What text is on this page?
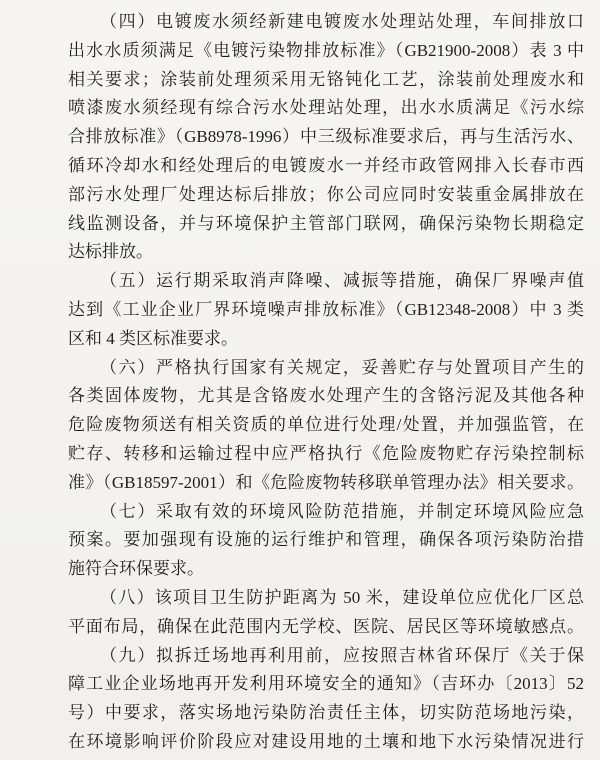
（四）电镀废水须经新建电镀废水处理站处理，车间排放口
出水水质须满足《电镀污染物排放标准》（GB21900-2008）表 3 中
相关要求；涂装前处理须采用无铬钝化工艺，涂装前处理废水和
喷漆废水须经现有综合污水处理站处理，出水水质满足《污水综
合排放标准》（GB8978-1996）中三级标准要求后，再与生活污水、
循环冷却水和经处理后的电镀废水一并经市政管网排入长春市西
部污水处理厂处理达标后排放；你公司应同时安装重金属排放在
线监测设备，并与环境保护主管部门联网，确保污染物长期稳定
达标排放。
（五）运行期采取消声降噪、减振等措施，确保厂界噪声值
达到《工业企业厂界环境噪声排放标准》（GB12348-2008）中 3 类
区和 4 类区标准要求。
（六）严格执行国家有关规定，妥善贮存与处置项目产生的
各类固体废物，尤其是含铬废水处理产生的含铬污泥及其他各种
危险废物须送有相关资质的单位进行处理/处置，并加强监管，在
贮存、转移和运输过程中应严格执行《危险废物贮存污染控制标
准》（GB18597-2001）和《危险废物转移联单管理办法》相关要求。
（七）采取有效的环境风险防范措施，并制定环境风险应急
预案。要加强现有设施的运行维护和管理，确保各项污染防治措
施符合环保要求。
（八）该项目卫生防护距离为 50 米，建设单位应优化厂区总
平面布局，确保在此范围内无学校、医院、居民区等环境敏感点。
（九）拟拆迁场地再利用前，应按照吉林省环保厅《关于保
障工业企业场地再开发利用环境安全的通知》（吉环办〔2013〕52
号）中要求，落实场地污染防治责任主体，切实防范场地污染，
在环境影响评价阶段应对建设用地的土壤和地下水污染情况进行
